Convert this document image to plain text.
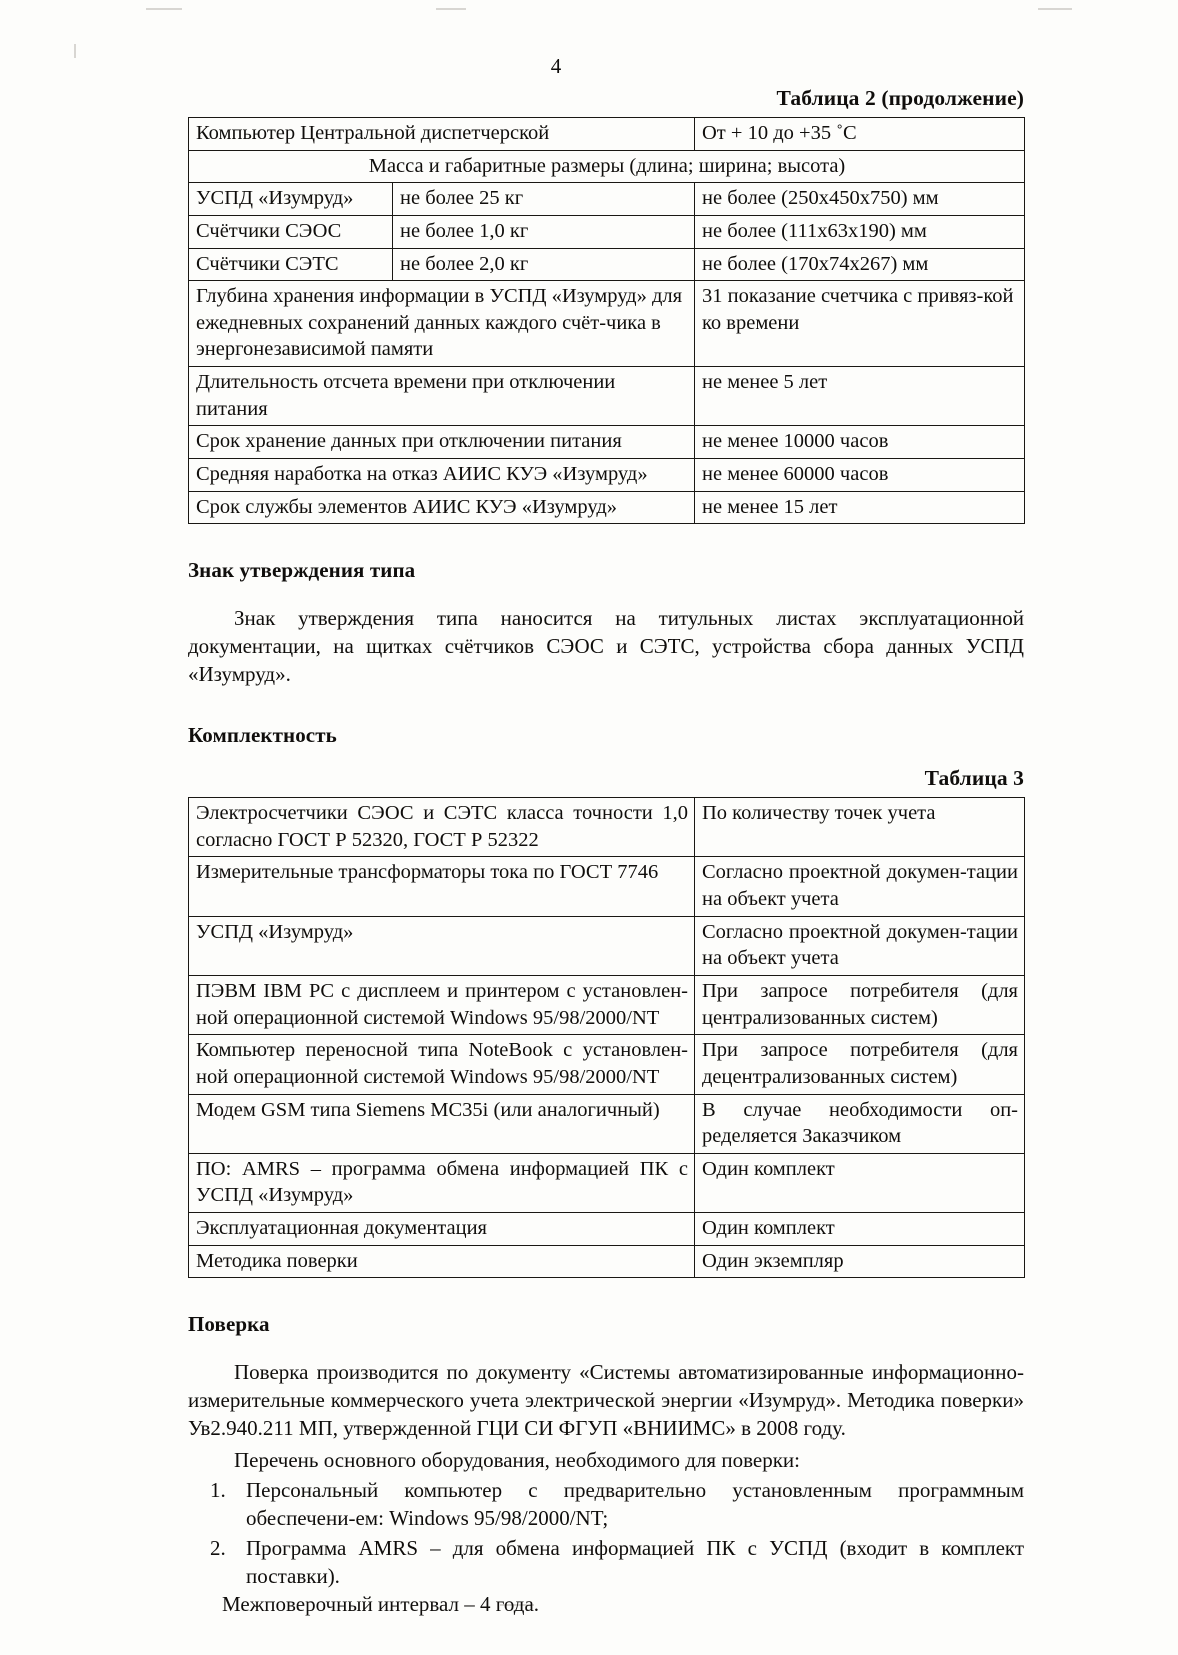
4
Таблица 2 (продолжение)
Компьютер Центральной диспетчерской		От + 10 до +35 ˚С
Масса и габаритные размеры (длина; ширина; высота)		
УСПД «Изумруд»	не более 25 кг	не более (250х450х750) мм
Счётчики СЭОС	не более 1,0 кг	не более (111х63х190) мм
Счётчики СЭТС	не более 2,0 кг	не более (170х74х267) мм
Глубина хранения информации в УСПД «Изумруд» для ежедневных сохранений данных каждого счёт-чика в энергонезависимой памяти		31 показание счетчика с привяз-кой ко времени
Длительность отсчета времени при отключении питания		не менее 5 лет
Срок хранение данных при отключении питания		не менее 10000 часов
Средняя наработка на отказ АИИС КУЭ «Изумруд»		не менее 60000 часов
Срок службы элементов АИИС КУЭ «Изумруд»		не менее 15 лет
Знак утверждения типа
Знак утверждения типа наносится на титульных листах эксплуатационной документации, на щитках счётчиков СЭОС и СЭТС, устройства сбора данных УСПД «Изумруд».
Комплектность
Таблица 3
Электросчетчики СЭОС и СЭТС класса точности 1,0 согласно ГОСТ Р 52320, ГОСТ Р 52322	По количеству точек учета
Измерительные трансформаторы тока по ГОСТ 7746	Согласно проектной докумен-тации на объект учета
УСПД «Изумруд»	Согласно проектной докумен-тации на объект учета
ПЭВМ IBM PC с дисплеем и принтером с установлен-ной операционной системой Windows 95/98/2000/NT	При запросе потребителя (для централизованных систем)
Компьютер переносной типа NoteBook с установлен-ной операционной системой Windows 95/98/2000/NT	При запросе потребителя (для децентрализованных систем)
Модем GSM типа Siemens MC35i (или аналогичный)	В случае необходимости оп-ределяется Заказчиком
ПО: AMRS – программа обмена информацией ПК с УСПД «Изумруд»	Один комплект
Эксплуатационная документация	Один комплект
Методика поверки	Один экземпляр
Поверка
Поверка производится по документу «Системы автоматизированные информационно-измерительные коммерческого учета электрической энергии «Изумруд». Методика поверки» Ув2.940.211 МП, утвержденной ГЦИ СИ ФГУП «ВНИИМС» в 2008 году.
Перечень основного оборудования, необходимого для поверки:
1. Персональный компьютер с предварительно установленным программным обеспечени-ем: Windows 95/98/2000/NT;
2. Программа AMRS – для обмена информацией ПК с УСПД (входит в комплект поставки).
Межповерочный интервал – 4 года.
